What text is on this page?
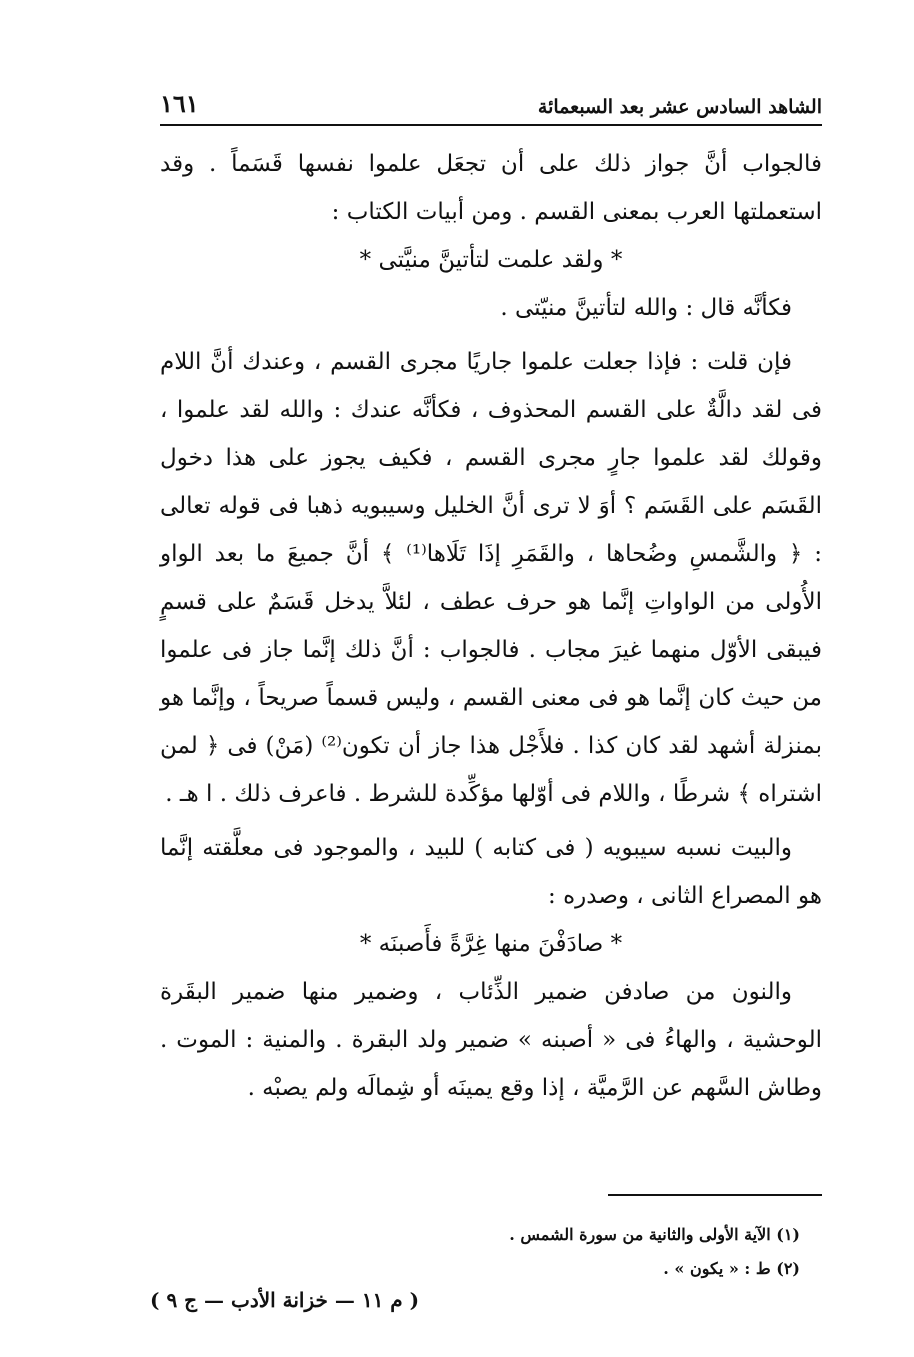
الشاهد السادس عشر بعد السبعمائة
١٦١

فالجواب أنَّ جواز ذلك على أن تجعَل علموا نفسها قَسَماً . وقد استعملتها العرب بمعنى القسم . ومن أبيات الكتاب :

* ولقد علمت لتأتينَّ منيَّتى *

فكأنَّه قال : والله لتأتينَّ منيّتى .

فإن قلت : فإذا جعلت علموا جاريًا مجرى القسم ، وعندك أنَّ اللام فى لقد دالَّةٌ على القسم المحذوف ، فكأنَّه عندك : والله لقد علموا ، وقولك لقد علموا جارٍ مجرى القسم ، فكيف يجوز على هذا دخول القَسَم على القَسَم ؟ أوَ لا ترى أنَّ الخليل وسيبويه ذهبا فى قوله تعالى : ﴿ والشَّمسِ وضُحاها ، والقَمَرِ إذَا تَلَاها⁽¹⁾ ﴾ أنَّ جميعَ ما بعد الواو الأُولى من الواواتِ إنَّما هو حرف عطف ، لئلاَّ يدخل قَسَمٌ على قسمٍ فيبقى الأوّل منهما غيرَ مجاب . فالجواب : أنَّ ذلك إنَّما جاز فى علموا من حيث كان إنَّما هو فى معنى القسم ، وليس قسماً صريحاً ، وإنَّما هو بمنزلة أشهد لقد كان كذا . فلأَجْل هذا جاز أن تكون⁽²⁾ (مَنْ) فى ﴿ لمن اشتراه ﴾ شرطًا ، واللام فى أوّلها مؤكِّدة للشرط . فاعرف ذلك . ا هـ .

والبيت نسبه سيبويه ( فى كتابه ) للبيد ، والموجود فى معلَّقته إنَّما هو المصراع الثانى ، وصدره :

* صادَفْنَ منها غِرَّةً فأَصبنَه *

والنون من صادفن ضمير الذِّئاب ، وضمير منها ضمير البقَرة الوحشية ، والهاءُ فى « أصبنه » ضمير ولد البقرة . والمنية : الموت . وطاش السَّهم عن الرَّميَّة ، إذا وقع يمينَه أو شِمالَه ولم يصبْه .

(١) الآية الأولى والثانية من سورة الشمس .

(٢) ط : « يكون » .

( م ١١ — خزانة الأدب — ج ٩ )
